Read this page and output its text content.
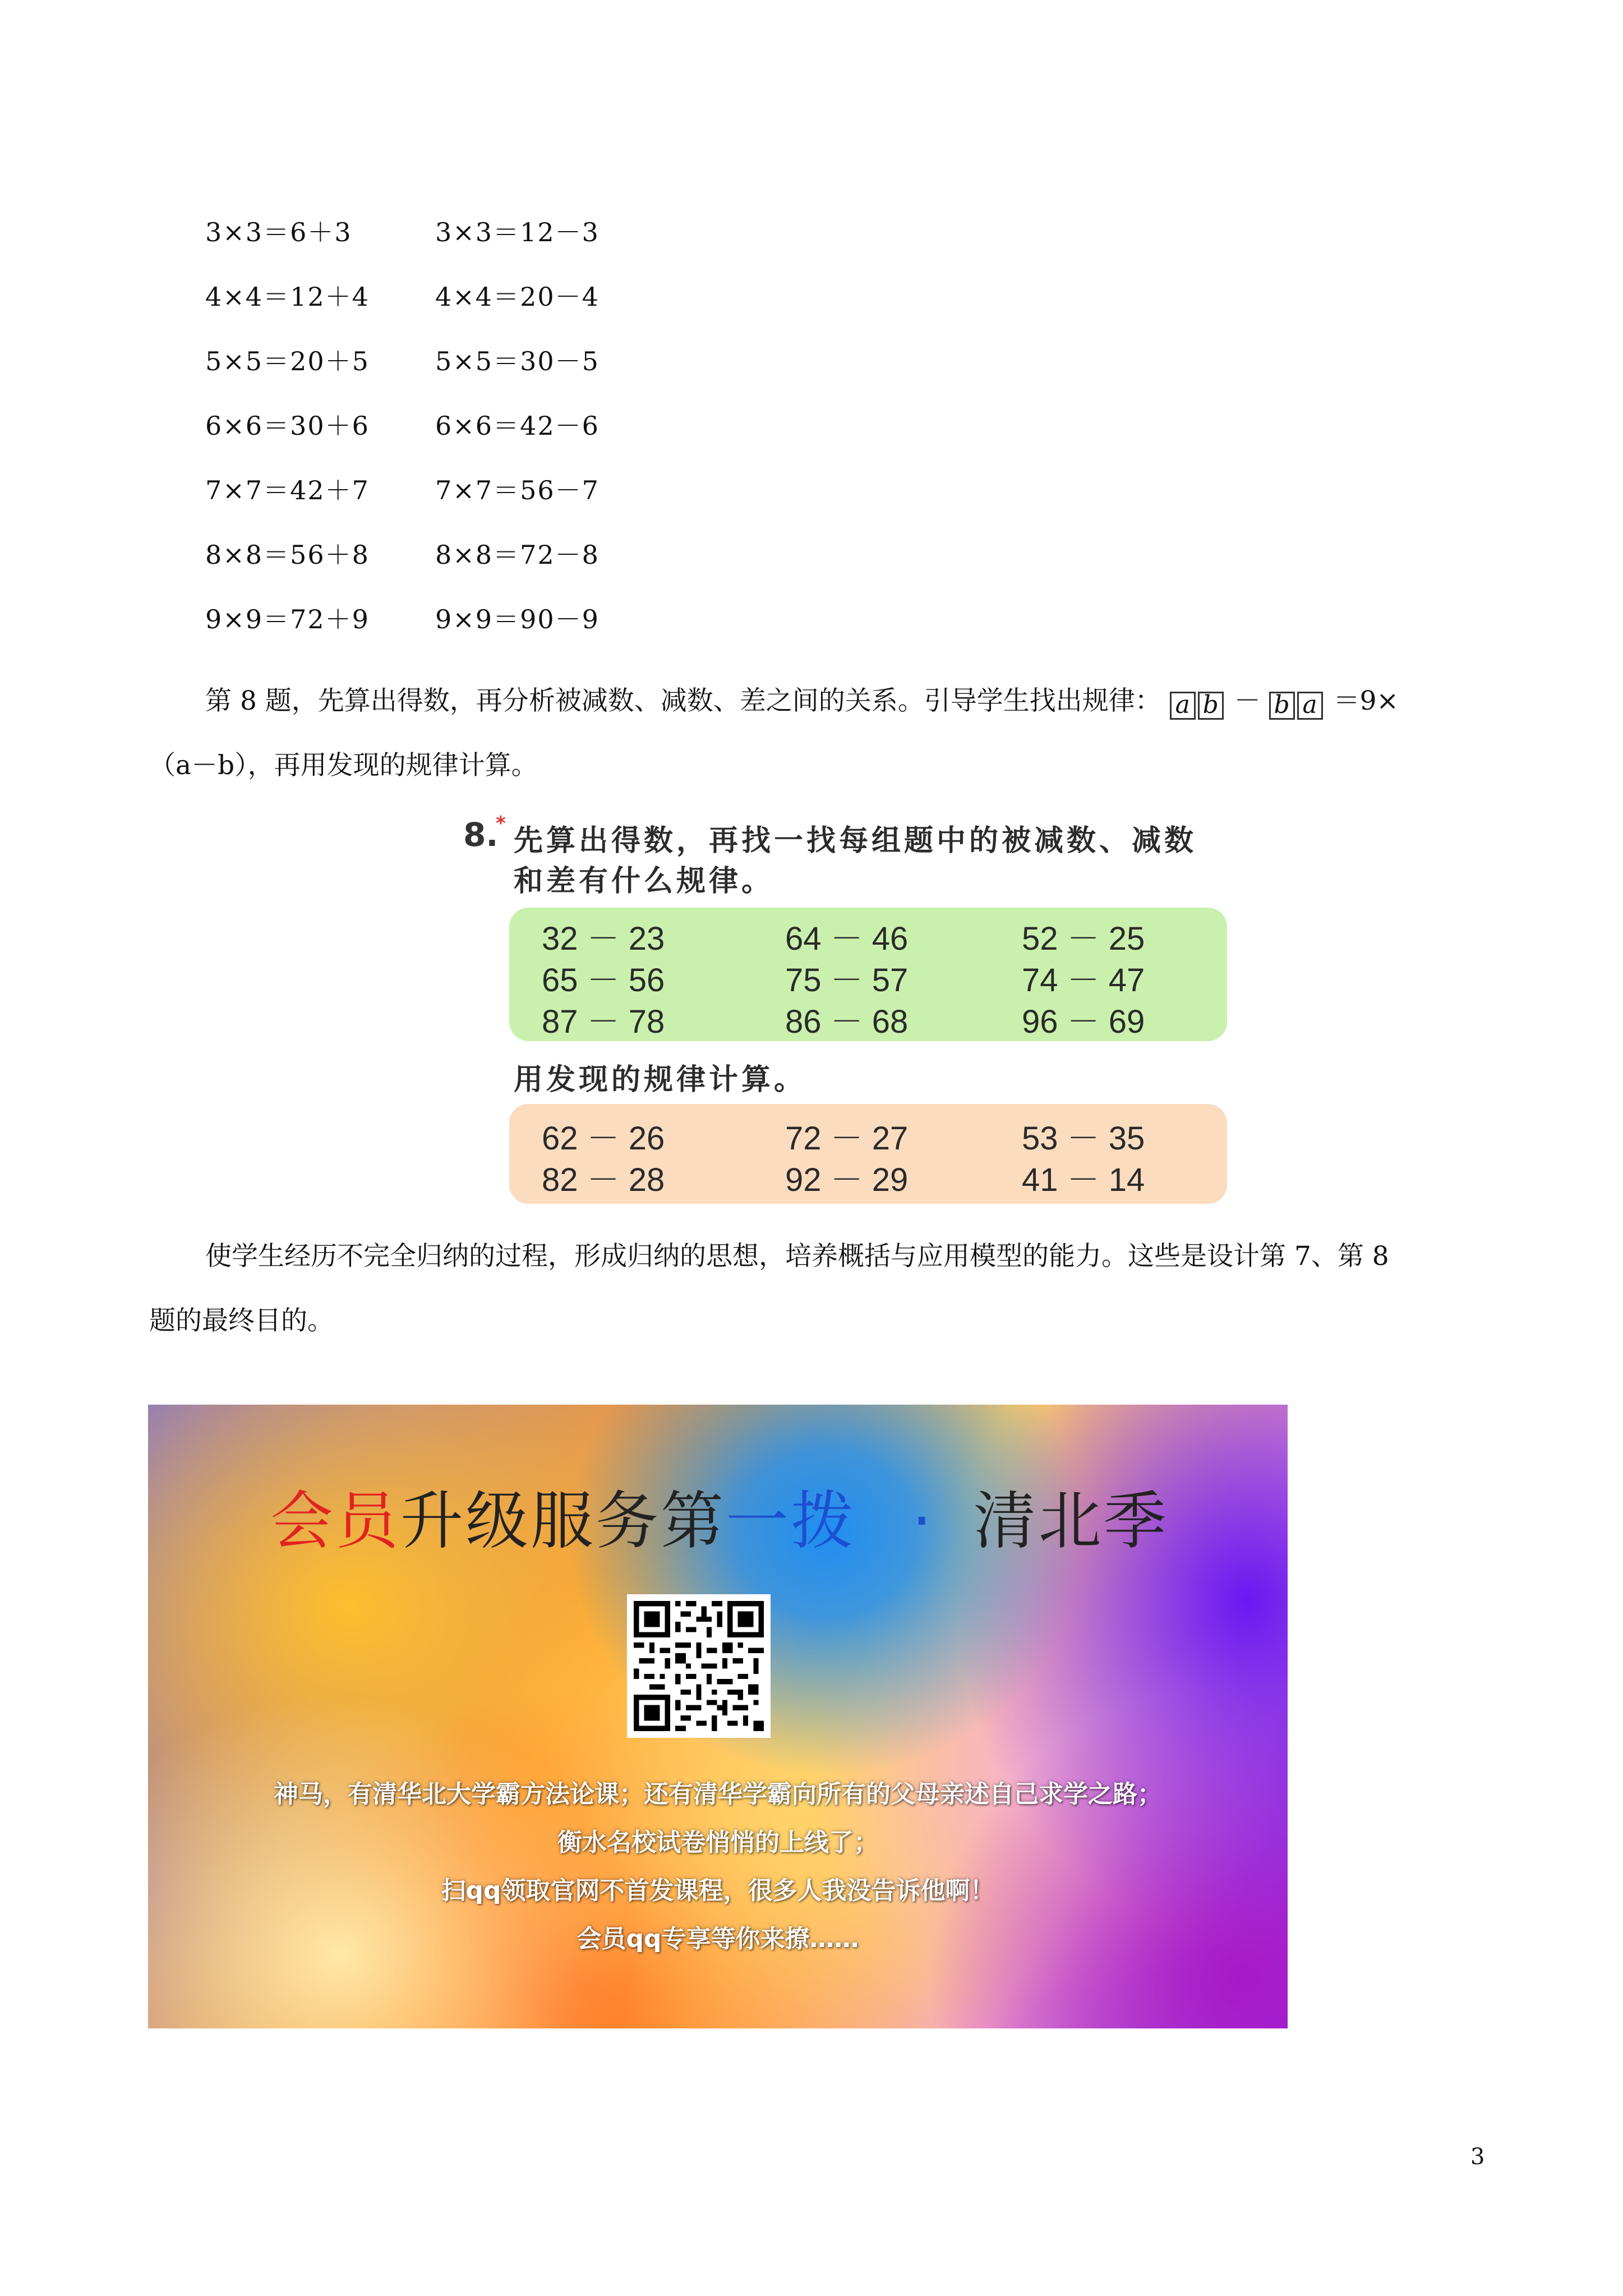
3×3＝6＋3	3×3＝12－3
4×4＝12＋4	4×4＝20－4
5×5＝20＋5	5×5＝30－5
6×6＝30＋6	6×6＝42－6
7×7＝42＋7	7×7＝56－7
8×8＝56＋8	8×8＝72－8
9×9＝72＋9	9×9＝90－9
第 8 题，先算出得数，再分析被减数、减数、差之间的关系。引导学生找出规律： a b － b a ＝9×
（a－b），再用发现的规律计算。
8.
*
先算出得数，再找一找每组题中的被减数、减数
和差有什么规律。
32 － 23	64 － 46	52 － 25
65 － 56	75 － 57	74 － 47
87 － 78	86 － 68	96 － 69
用发现的规律计算。
62 － 26	72 － 27	53 － 35
82 － 28	92 － 29	41 － 14
使学生经历不完全归纳的过程，形成归纳的思想，培养概括与应用模型的能力。这些是设计第 7、第 8
题的最终目的。
会员升级服务第一拨 · 清北季
神马，有清华北大学霸方法论课；还有清华学霸向所有的父母亲述自己求学之路；
衡水名校试卷悄悄的上线了；
扫qq领取官网不首发课程，很多人我没告诉他啊！
会员qq专享等你来撩……
3
